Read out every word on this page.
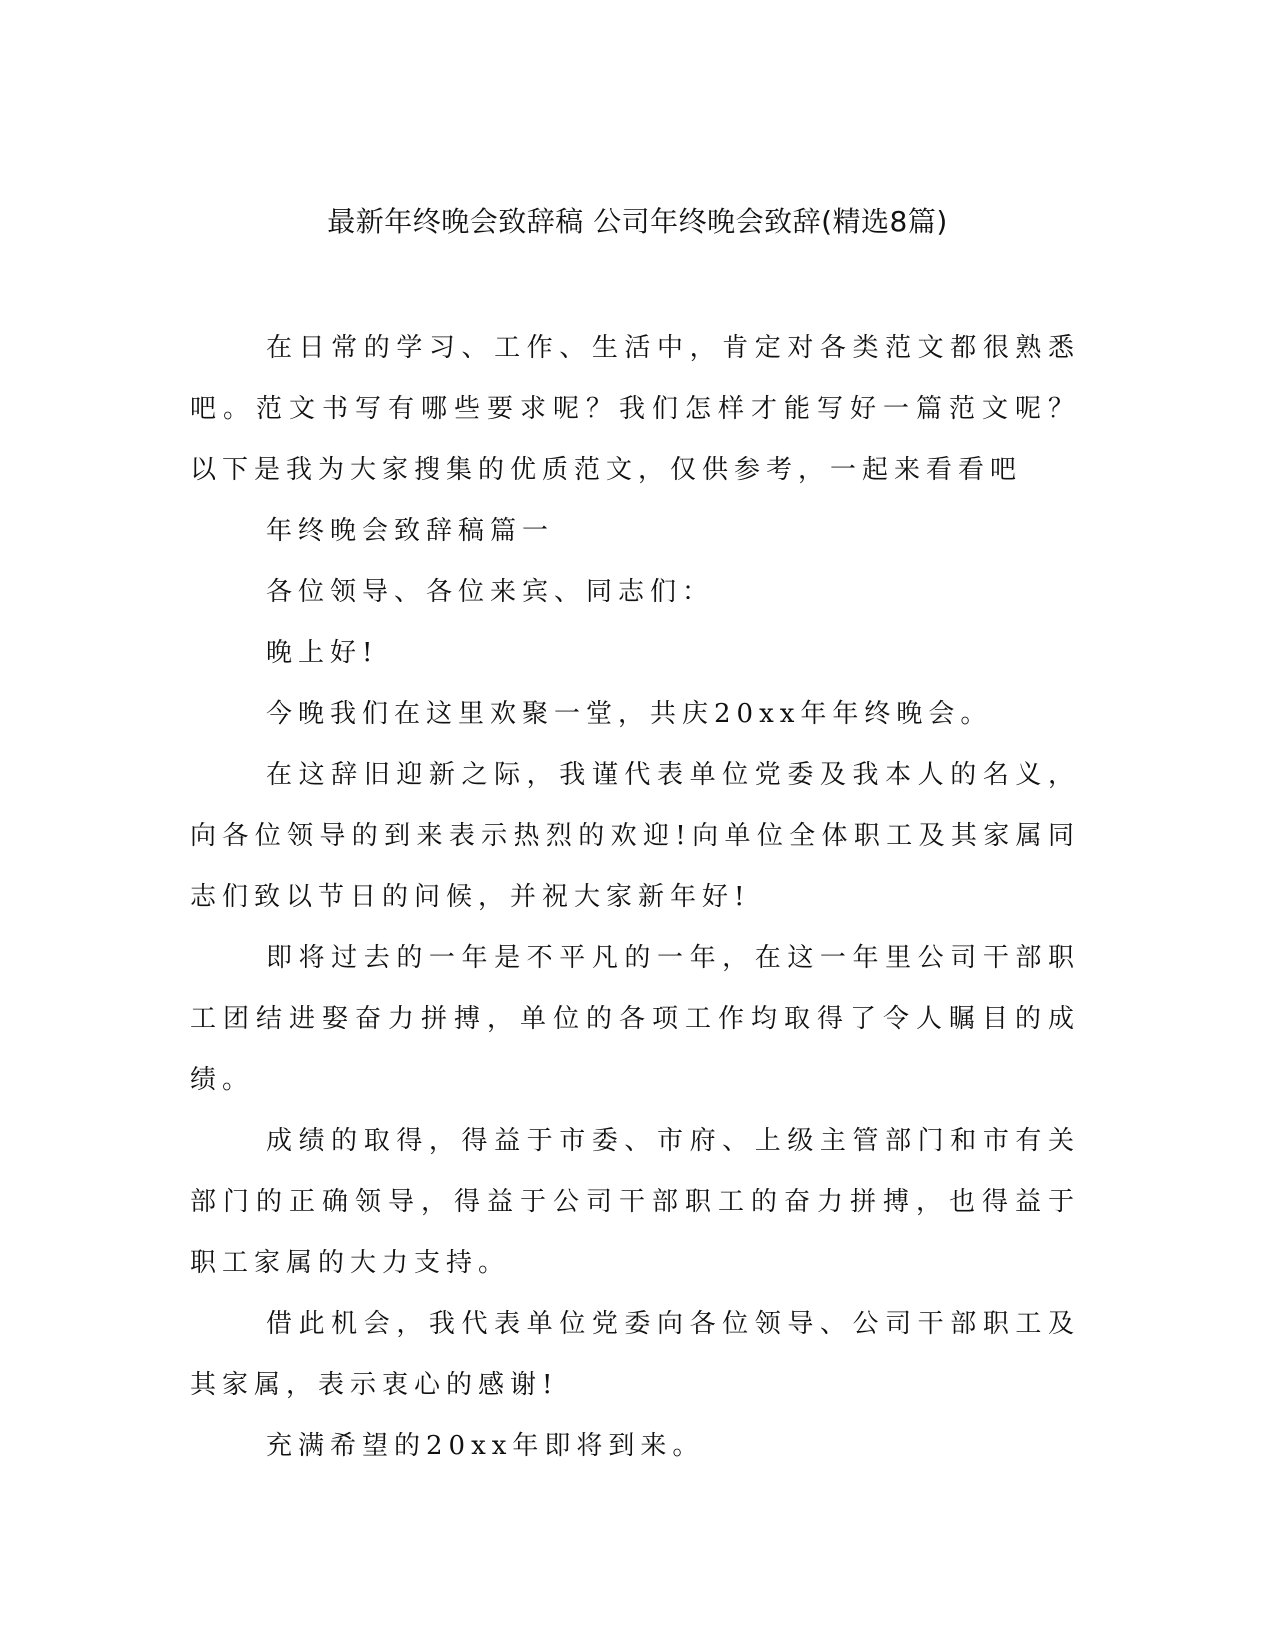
最新年终晚会致辞稿 公司年终晚会致辞(精选8篇)

在日常的学习、工作、生活中，肯定对各类范文都很熟悉吧。范文书写有哪些要求呢？我们怎样才能写好一篇范文呢？以下是我为大家搜集的优质范文，仅供参考，一起来看看吧

年终晚会致辞稿篇一

各位领导、各位来宾、同志们：

晚上好!

今晚我们在这里欢聚一堂，共庆20xx年年终晚会。

在这辞旧迎新之际，我谨代表单位党委及我本人的名义，向各位领导的到来表示热烈的欢迎!向单位全体职工及其家属同志们致以节日的问候，并祝大家新年好!

即将过去的一年是不平凡的一年，在这一年里公司干部职工团结进娶奋力拼搏，单位的各项工作均取得了令人瞩目的成绩。

成绩的取得，得益于市委、市府、上级主管部门和市有关部门的正确领导，得益于公司干部职工的奋力拼搏，也得益于职工家属的大力支持。

借此机会，我代表单位党委向各位领导、公司干部职工及其家属，表示衷心的感谢!

充满希望的20xx年即将到来。
